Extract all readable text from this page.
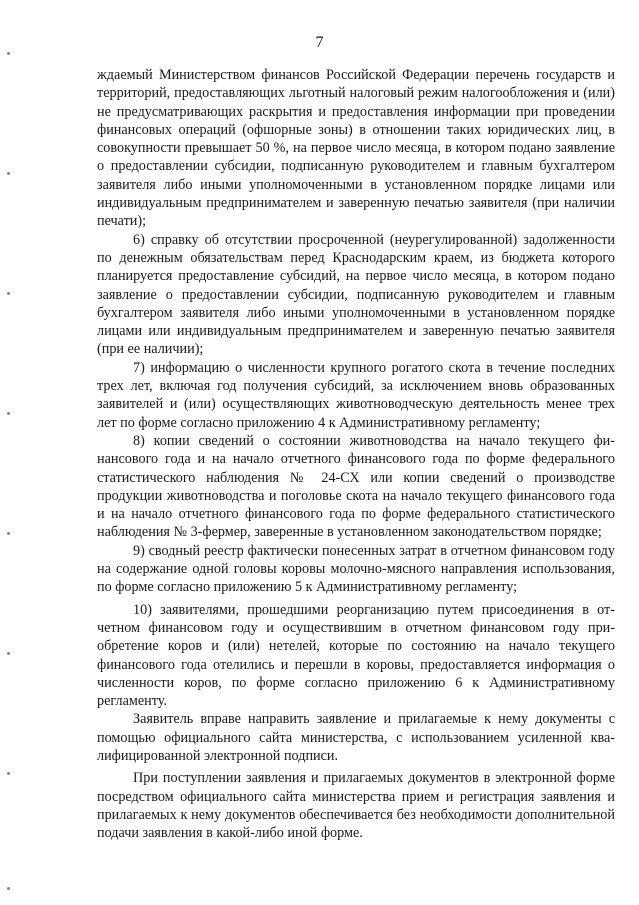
7

ждаемый Министерством финансов Российской Федерации перечень государств и территорий, предоставляющих льготный налоговый режим налогообложения и (или) не предусматривающих раскрытия и предоставления информации при проведении финансовых операций (офшорные зоны) в отношении таких юридических лиц, в совокупности превышает 50 %, на первое число месяца, в котором подано заявление о предоставлении субсидии, подписанную руководителем и главным бухгалтером заявителя либо иными уполномоченными в установленном порядке лицами или индивидуальным предпринимателем и заверенную печатью заявителя (при наличии печати);

6) справку об отсутствии просроченной (неурегулированной) задолженности по денежным обязательствам перед Краснодарским краем, из бюджета которого планируется предоставление субсидий, на первое число месяца, в котором подано заявление о предоставлении субсидии, подписанную руководителем и главным бухгалтером заявителя либо иными уполномоченными в установленном порядке лицами или индивидуальным предпринимателем и заверенную печатью заявителя (при ее наличии);

7) информацию о численности крупного рогатого скота в течение последних трех лет, включая год получения субсидий, за исключением вновь образованных заявителей и (или) осуществляющих животноводческую деятельность менее трех лет по форме согласно приложению 4 к Административному регламенту;

8) копии сведений о состоянии животноводства на начало текущего финансового года и на начало отчетного финансового года по форме федерального статистического наблюдения № 24-СХ или копии сведений о производстве продукции животноводства и поголовье скота на начало текущего финансового года и на начало отчетного финансового года по форме федерального статистического наблюдения № 3-фермер, заверенные в установленном законодательством порядке;

9) сводный реестр фактически понесенных затрат в отчетном финансовом году на содержание одной головы коровы молочно-мясного направления использования, по форме согласно приложению 5 к Административному регламенту;

10) заявителями, прошедшими реорганизацию путем присоединения в отчетном финансовом году и осуществившим в отчетном финансовом году приобретение коров и (или) нетелей, которые по состоянию на начало текущего финансового года отелились и перешли в коровы, предоставляется информация о численности коров, по форме согласно приложению 6 к Административному регламенту.

Заявитель вправе направить заявление и прилагаемые к нему документы с помощью официального сайта министерства, с использованием усиленной квалифицированной электронной подписи.

При поступлении заявления и прилагаемых документов в электронной форме посредством официального сайта министерства прием и регистрация заявления и прилагаемых к нему документов обеспечивается без необходимости дополнительной подачи заявления в какой-либо иной форме.
